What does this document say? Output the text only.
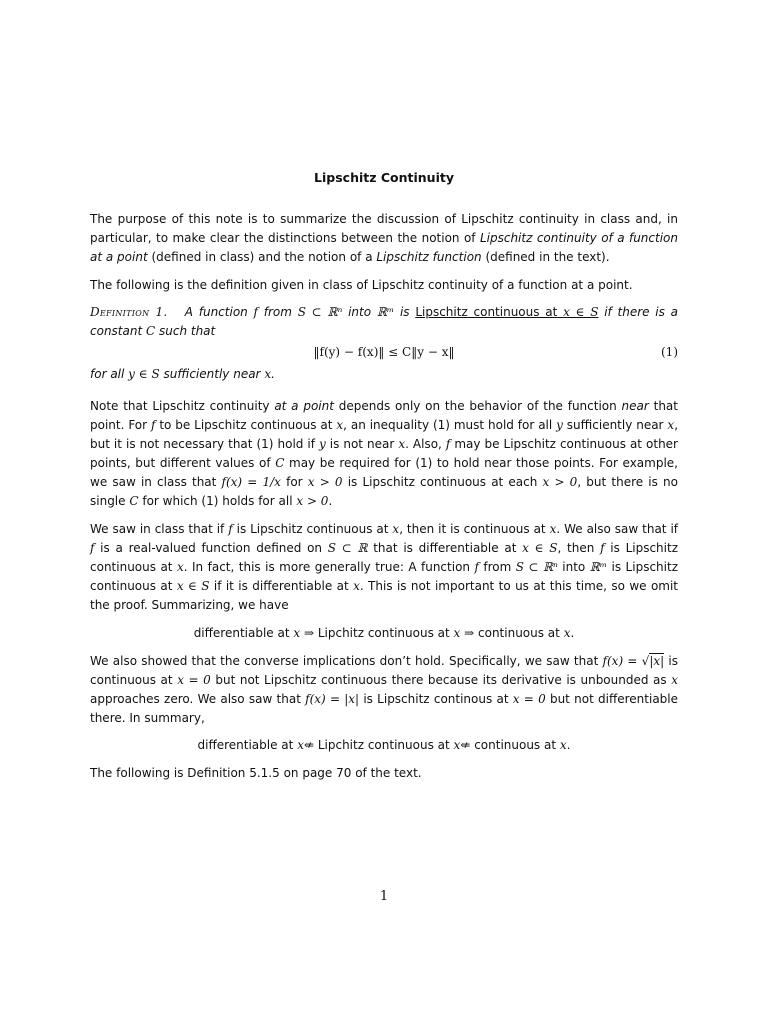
Lipschitz Continuity

The purpose of this note is to summarize the discussion of Lipschitz continuity in class and, in particular, to make clear the distinctions between the notion of Lipschitz continuity of a function at a point (defined in class) and the notion of a Lipschitz function (defined in the text).

The following is the definition given in class of Lipschitz continuity of a function at a point.

Definition 1. A function f from S ⊂ ℝⁿ into ℝᵐ is Lipschitz continuous at x ∈ S if there is a constant C such that

‖f(y) − f(x)‖ ≤ C‖y − x‖	(1)

for all y ∈ S sufficiently near x.

Note that Lipschitz continuity at a point depends only on the behavior of the function near that point. For f to be Lipschitz continuous at x, an inequality (1) must hold for all y sufficiently near x, but it is not necessary that (1) hold if y is not near x. Also, f may be Lipschitz continuous at other points, but different values of C may be required for (1) to hold near those points. For example, we saw in class that f(x) = 1/x for x > 0 is Lipschitz continuous at each x > 0, but there is no single C for which (1) holds for all x > 0.

We saw in class that if f is Lipschitz continuous at x, then it is continuous at x. We also saw that if f is a real-valued function defined on S ⊂ ℝ that is differentiable at x ∈ S, then f is Lipschitz continuous at x. In fact, this is more generally true: A function f from S ⊂ ℝⁿ into ℝᵐ is Lipschitz continuous at x ∈ S if it is differentiable at x. This is not important to us at this time, so we omit the proof. Summarizing, we have

differentiable at x ⇒ Lipchitz continuous at x ⇒ continuous at x.

We also showed that the converse implications don’t hold. Specifically, we saw that f(x) = √|x| is continuous at x = 0 but not Lipschitz continuous there because its derivative is unbounded as x approaches zero. We also saw that f(x) = |x| is Lipschitz continous at x = 0 but not differentiable there. In summary,

differentiable at x⇍ Lipchitz continuous at x⇍ continuous at x.

The following is Definition 5.1.5 on page 70 of the text.

1
